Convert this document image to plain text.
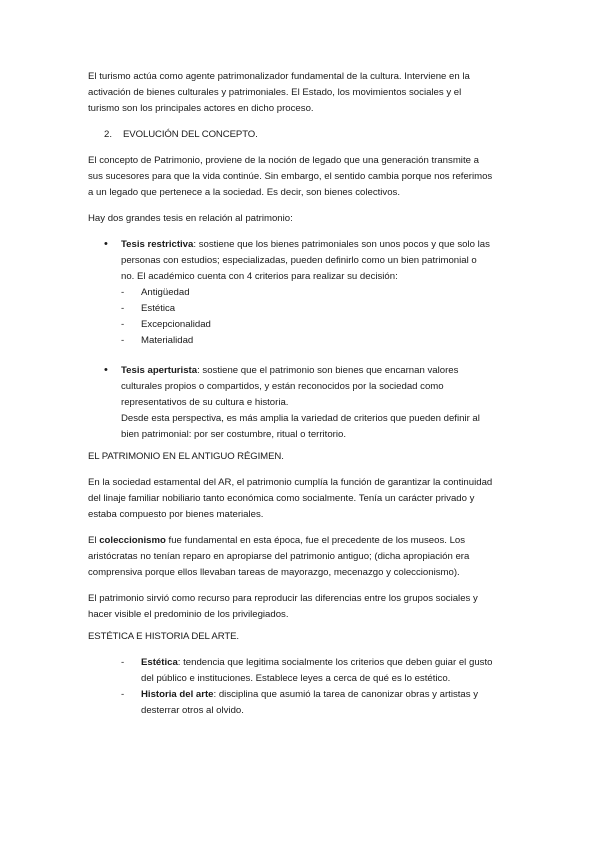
El turismo actúa como agente patrimonalizador fundamental de la cultura. Interviene en la
activación de bienes culturales y patrimoniales. El Estado, los movimientos sociales y el
turismo son los principales actores en dicho proceso.
2. EVOLUCIÓN DEL CONCEPTO.
El concepto de Patrimonio, proviene de la noción de legado que una generación transmite a
sus sucesores para que la vida continúe. Sin embargo, el sentido cambia porque nos referimos
a un legado que pertenece a la sociedad. Es decir, son bienes colectivos.
Hay dos grandes tesis en relación al patrimonio:
• Tesis restrictiva: sostiene que los bienes patrimoniales son unos pocos y que solo las
personas con estudios; especializadas, pueden definirlo como un bien patrimonial o
no. El académico cuenta con 4 criterios para realizar su decisión:
- Antigüedad
- Estética
- Excepcionalidad
- Materialidad
• Tesis aperturista: sostiene que el patrimonio son bienes que encarnan valores
culturales propios o compartidos, y están reconocidos por la sociedad como
representativos de su cultura e historia.
Desde esta perspectiva, es más amplia la variedad de criterios que pueden definir al
bien patrimonial: por ser costumbre, ritual o territorio.
EL PATRIMONIO EN EL ANTIGUO RÉGIMEN.
En la sociedad estamental del AR, el patrimonio cumplía la función de garantizar la continuidad
del linaje familiar nobiliario tanto económica como socialmente. Tenía un carácter privado y
estaba compuesto por bienes materiales.
El coleccionismo fue fundamental en esta época, fue el precedente de los museos. Los
aristócratas no tenían reparo en apropiarse del patrimonio antiguo; (dicha apropiación era
comprensiva porque ellos llevaban tareas de mayorazgo, mecenazgo y coleccionismo).
El patrimonio sirvió como recurso para reproducir las diferencias entre los grupos sociales y
hacer visible el predominio de los privilegiados.
ESTÉTICA E HISTORIA DEL ARTE.
- Estética: tendencia que legitima socialmente los criterios que deben guiar el gusto
del público e instituciones. Establece leyes a cerca de qué es lo estético.
- Historia del arte: disciplina que asumió la tarea de canonizar obras y artistas y
desterrar otros al olvido.
